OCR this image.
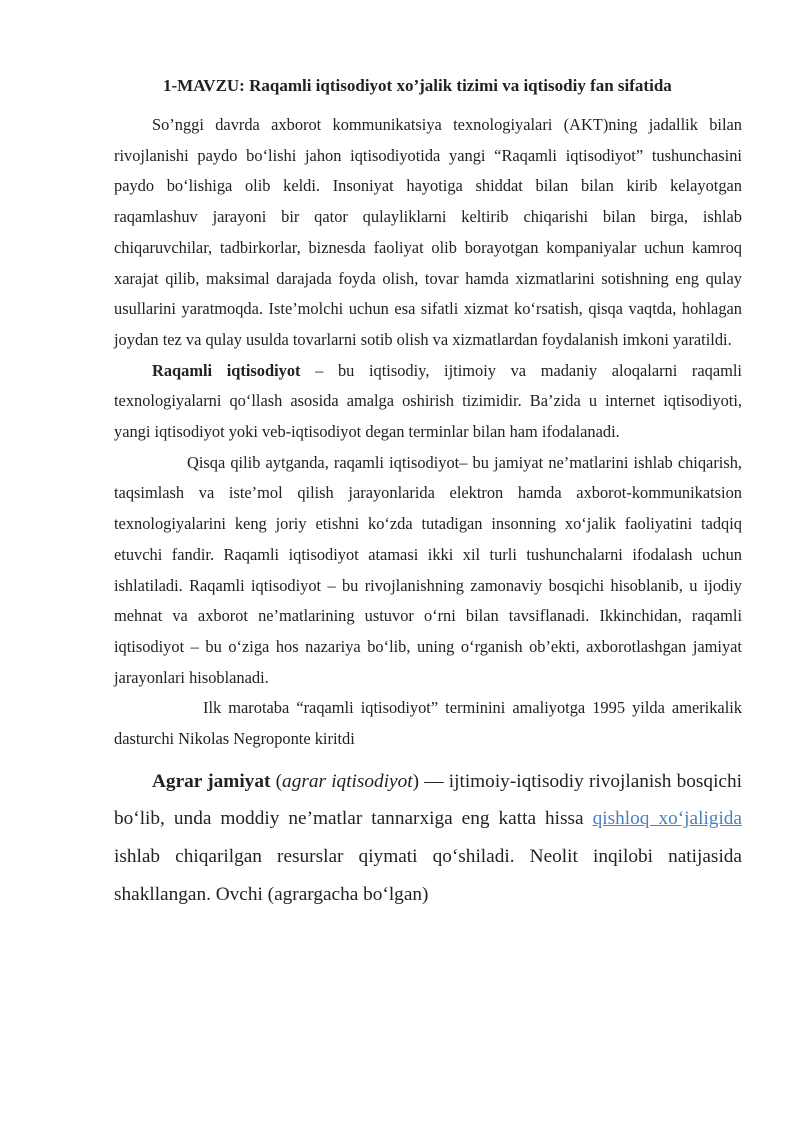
1-MAVZU: Raqamli iqtisodiyot xo’jalik tizimi va iqtisodiy fan sifatida

So’nggi davrda axborot kommunikatsiya texnologiyalari (AKT)ning jadallik bilan rivojlanishi paydo bo‘lishi jahon iqtisodiyotida yangi “Raqamli iqtisodiyot” tushunchasini paydo bo‘lishiga olib keldi. Insoniyat hayotiga shiddat bilan bilan kirib kelayotgan raqamlashuv jarayoni bir qator qulayliklarni keltirib chiqarishi bilan birga, ishlab chiqaruvchilar, tadbirkorlar, biznesda faoliyat olib borayotgan kompaniyalar uchun kamroq xarajat qilib, maksimal darajada foyda olish, tovar hamda xizmatlarini sotishning eng qulay usullarini yaratmoqda. Iste’molchi uchun esa sifatli xizmat ko‘rsatish, qisqa vaqtda, hohlagan joydan tez va qulay usulda tovarlarni sotib olish va xizmatlardan foydalanish imkoni yaratildi.

Raqamli iqtisodiyot – bu iqtisodiy, ijtimoiy va madaniy aloqalarni raqamli texnologiyalarni qo‘llash asosida amalga oshirish tizimidir. Ba’zida u internet iqtisodiyoti, yangi iqtisodiyot yoki veb-iqtisodiyot degan terminlar bilan ham ifodalanadi.

Qisqa qilib aytganda, raqamli iqtisodiyot– bu jamiyat ne’matlarini ishlab chiqarish, taqsimlash va iste’mol qilish jarayonlarida elektron hamda axborot-kommunikatsion texnologiyalarini keng joriy etishni ko‘zda tutadigan insonning xo‘jalik faoliyatini tadqiq etuvchi fandir. Raqamli iqtisodiyot atamasi ikki xil turli tushunchalarni ifodalash uchun ishlatiladi. Raqamli iqtisodiyot – bu rivojlanishning zamonaviy bosqichi hisoblanib, u ijodiy mehnat va axborot ne’matlarining ustuvor o‘rni bilan tavsiflanadi. Ikkinchidan, raqamli iqtisodiyot – bu o‘ziga hos nazariya bo‘lib, uning o‘rganish ob’ekti, axborotlashgan jamiyat jarayonlari hisoblanadi.

Ilk marotaba “raqamli iqtisodiyot” terminini amaliyotga 1995 yilda amerikalik dasturchi Nikolas Negroponte kiritdi

Agrar jamiyat (agrar iqtisodiyot) — ijtimoiy-iqtisodiy rivojlanish bosqichi bo‘lib, unda moddiy ne’matlar tannarxiga eng katta hissa qishloq xo‘jaligida ishlab chiqarilgan resurslar qiymati qo‘shiladi. Neolit inqilobi natijasida shakllangan. Ovchi (agrargacha bo‘lgan)
